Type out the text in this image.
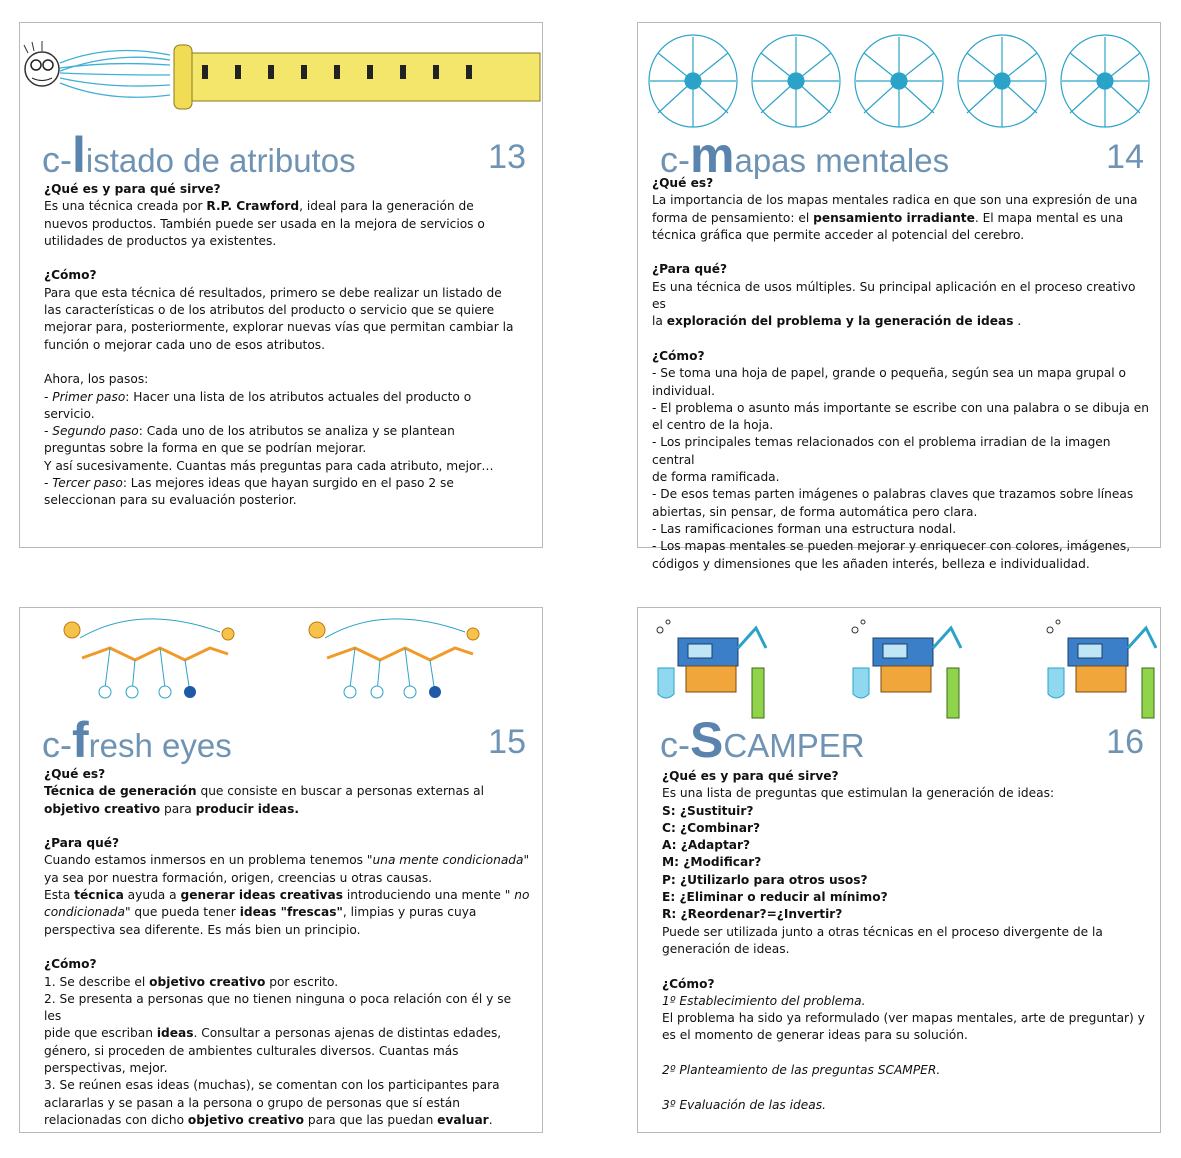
c-listado de atributos	13

¿Qué es y para qué sirve?

Es una técnica creada por R.P. Crawford, ideal para la generación de

nuevos productos. También puede ser usada en la mejora de servicios o

utilidades de productos ya existentes.

¿Cómo?

Para que esta técnica dé resultados, primero se debe realizar un listado de

las características o de los atributos del producto o servicio que se quiere

mejorar para, posteriormente, explorar nuevas vías que permitan cambiar la

función o mejorar cada uno de esos atributos.

Ahora, los pasos:

- Primer paso: Hacer una lista de los atributos actuales del producto o

servicio.

- Segundo paso: Cada uno de los atributos se analiza y se plantean

preguntas sobre la forma en que se podrían mejorar.

Y así sucesivamente. Cuantas más preguntas para cada atributo, mejor…

- Tercer paso: Las mejores ideas que hayan surgido en el paso 2 se

seleccionan para su evaluación posterior.

c-mapas mentales	14

¿Qué es?

La importancia de los mapas mentales radica en que son una expresión de una

forma de pensamiento: el pensamiento irradiante. El mapa mental es una

técnica gráfica que permite acceder al potencial del cerebro.

¿Para qué?

Es una técnica de usos múltiples. Su principal aplicación en el proceso creativo es

la exploración del problema y la generación de ideas .

¿Cómo?

- Se toma una hoja de papel, grande o pequeña, según sea un mapa grupal o

individual.

- El problema o asunto más importante se escribe con una palabra o se dibuja en

el centro de la hoja.

- Los principales temas relacionados con el problema irradian de la imagen central

de forma ramificada.

- De esos temas parten imágenes o palabras claves que trazamos sobre líneas

abiertas, sin pensar, de forma automática pero clara.

- Las ramificaciones forman una estructura nodal.

- Los mapas mentales se pueden mejorar y enriquecer con colores, imágenes,

códigos y dimensiones que les añaden interés, belleza e individualidad.

c-fresh eyes	15

¿Qué es?

Técnica de generación que consiste en buscar a personas externas al

objetivo creativo para producir ideas.

¿Para qué?

Cuando estamos inmersos en un problema tenemos "una mente condicionada"

ya sea por nuestra formación, origen, creencias u otras causas.

Esta técnica ayuda a generar ideas creativas introduciendo una mente " no

condicionada" que pueda tener ideas "frescas", limpias y puras cuya

perspectiva sea diferente. Es más bien un principio.

¿Cómo?

1. Se describe el objetivo creativo por escrito.

2. Se presenta a personas que no tienen ninguna o poca relación con él y se les

pide que escriban ideas. Consultar a personas ajenas de distintas edades,

género, si proceden de ambientes culturales diversos. Cuantas más

perspectivas, mejor.

3. Se reúnen esas ideas (muchas), se comentan con los participantes para

aclararlas y se pasan a la persona o grupo de personas que sí están

relacionadas con dicho objetivo creativo para que las puedan evaluar.

c-SCAMPER	16

¿Qué es y para qué sirve?

Es una lista de preguntas que estimulan la generación de ideas:

S: ¿Sustituir?

C: ¿Combinar?

A: ¿Adaptar?

M: ¿Modificar?

P: ¿Utilizarlo para otros usos?

E: ¿Eliminar o reducir al mínimo?

R: ¿Reordenar?=¿Invertir?

Puede ser utilizada junto a otras técnicas en el proceso divergente de la

generación de ideas.

¿Cómo?

1º Establecimiento del problema.

El problema ha sido ya reformulado (ver mapas mentales, arte de preguntar) y

es el momento de generar ideas para su solución.

2º Planteamiento de las preguntas SCAMPER.

3º Evaluación de las ideas.
